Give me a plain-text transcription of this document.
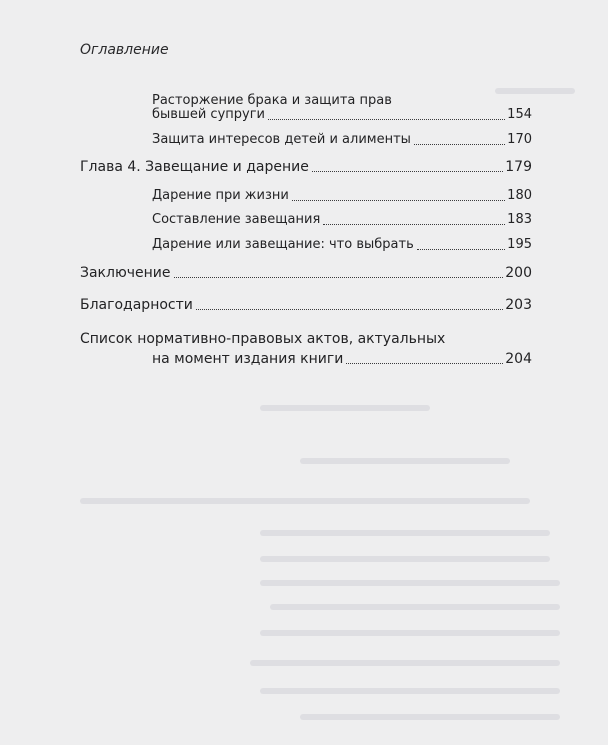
Оглавление
Расторжение брака и защита прав
бывшей супруги	154
Защита интересов детей и алименты	170
Глава 4. Завещание и дарение	179
Дарение при жизни	180
Составление завещания	183
Дарение или завещание: что выбрать	195
Заключение	200
Благодарности	203
Список нормативно-правовых актов, актуальных
на момент издания книги	204
